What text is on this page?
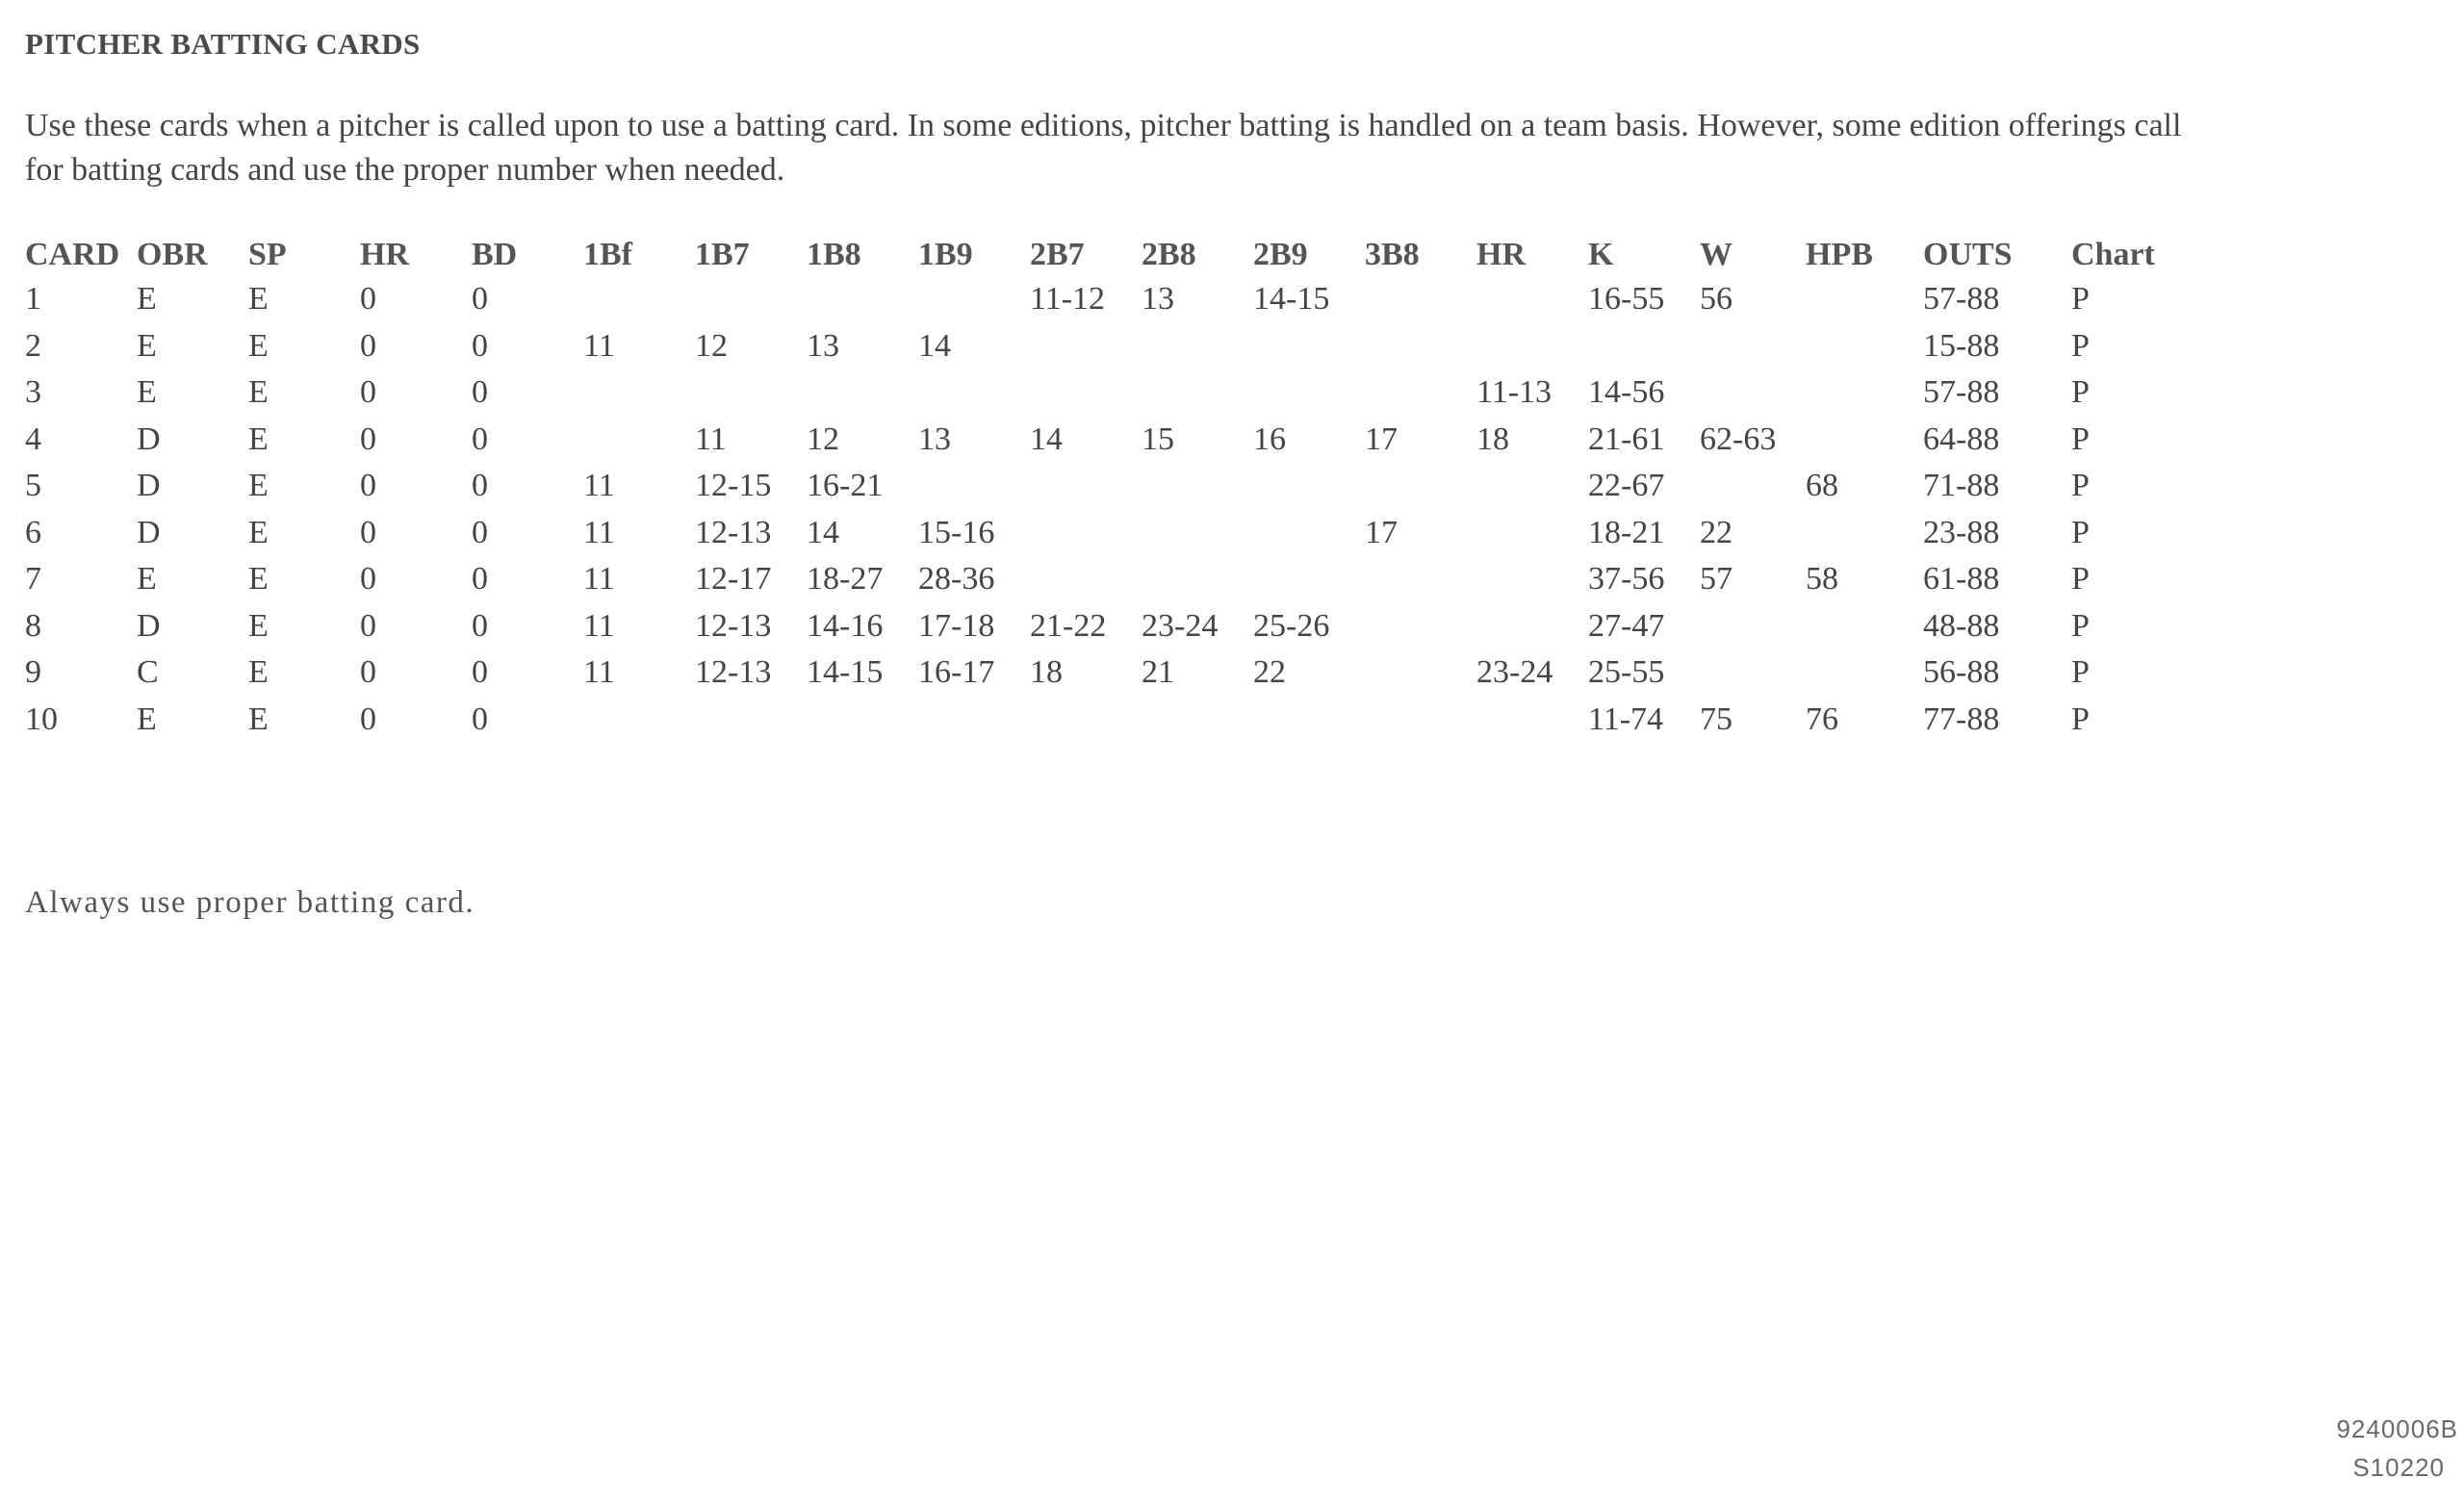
PITCHER BATTING CARDS
Use these cards when a pitcher is called upon to use a batting card. In some editions, pitcher batting is handled on a team basis. However, some edition offerings call
for batting cards and use the proper number when needed.
CARD	OBR	SP	HR	BD	1Bf	1B7	1B8	1B9	2B7	2B8	2B9	3B8	HR	K	W	HPB	OUTS	Chart
1	E	E	0	0					11-12	13	14-15			16-55	56		57-88	P
2	E	E	0	0	11	12	13	14									15-88	P
3	E	E	0	0									11-13	14-56			57-88	P
4	D	E	0	0		11	12	13	14	15	16	17	18	21-61	62-63		64-88	P
5	D	E	0	0	11	12-15	16-21							22-67		68	71-88	P
6	D	E	0	0	11	12-13	14	15-16				17		18-21	22		23-88	P
7	E	E	0	0	11	12-17	18-27	28-36						37-56	57	58	61-88	P
8	D	E	0	0	11	12-13	14-16	17-18	21-22	23-24	25-26			27-47			48-88	P
9	C	E	0	0	11	12-13	14-15	16-17	18	21	22		23-24	25-55			56-88	P
10	E	E	0	0										11-74	75	76	77-88	P
Always use proper batting card.
9240006B
S10220
